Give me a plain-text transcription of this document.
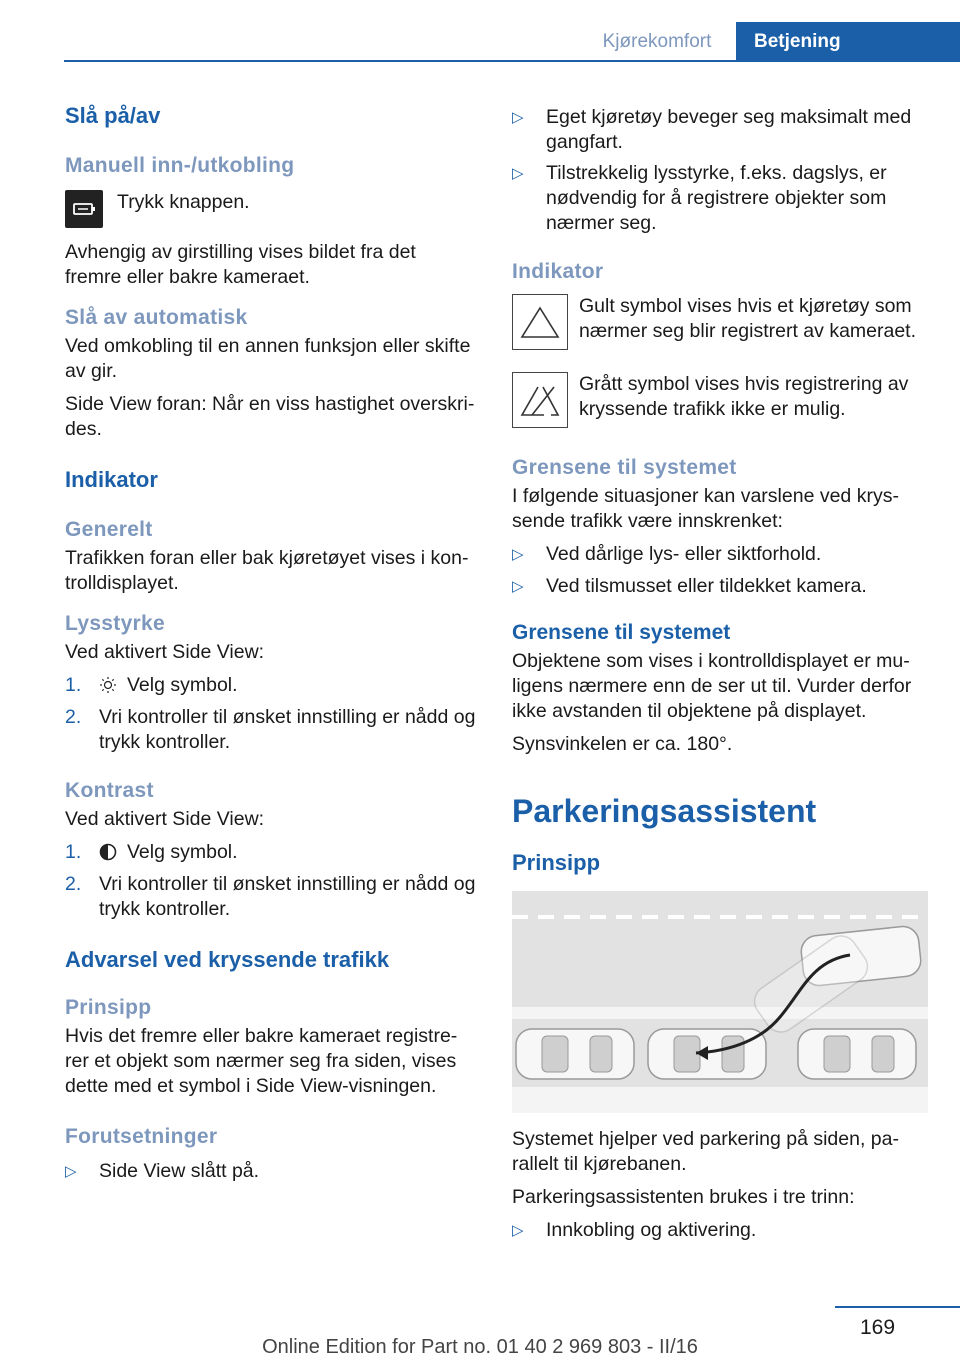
Kjørekomfort	Betjening
Slå på/av
Manuell inn-/utkobling

Trykk knappen.

Avhengig av girstilling vises bildet fra det fremre eller bakre kameraet.

Slå av automatisk

Ved omkobling til en annen funksjon eller skifte av gir.

Side View foran: Når en viss hastighet overskri‐des.

Indikator
Generelt

Trafikken foran eller bak kjøretøyet vises i kon‐trolldisplayet.

Lysstyrke

Ved aktivert Side View:

1. Velg symbol.
2. Vri kontroller til ønsket innstilling er nådd og trykk kontroller.
Kontrast

Ved aktivert Side View:

1. Velg symbol.
2. Vri kontroller til ønsket innstilling er nådd og trykk kontroller.
Advarsel ved kryssende trafikk
Prinsipp

Hvis det fremre eller bakre kameraet registre‐rer et objekt som nærmer seg fra siden, vises dette med et symbol i Side View-visningen.

Forutsetninger
▷ Side View slått på.
▷ Eget kjøretøy beveger seg maksimalt med gangfart.
▷ Tilstrekkelig lysstyrke, f.eks. dagslys, er nødvendig for å registrere objekter som nærmer seg.
Indikator

Gult symbol vises hvis et kjøretøy som nærmer seg blir registrert av kameraet.

Grått symbol vises hvis registrering av kryssende trafikk ikke er mulig.

Grensene til systemet

I følgende situasjoner kan varslene ved krys‐sende trafikk være innskrenket:

▷ Ved dårlige lys- eller siktforhold.
▷ Ved tilsmusset eller tildekket kamera.
Grensene til systemet

Objektene som vises i kontrolldisplayet er mu‐ligens nærmere enn de ser ut til. Vurder derfor ikke avstanden til objektene på displayet.

Synsvinkelen er ca. 180°.

Parkeringsassistent
Prinsipp

Systemet hjelper ved parkering på siden, pa‐rallelt til kjørebanen.

Parkeringsassistenten brukes i tre trinn:

▷ Innkobling og aktivering.
169
Online Edition for Part no. 01 40 2 969 803 - II/16
